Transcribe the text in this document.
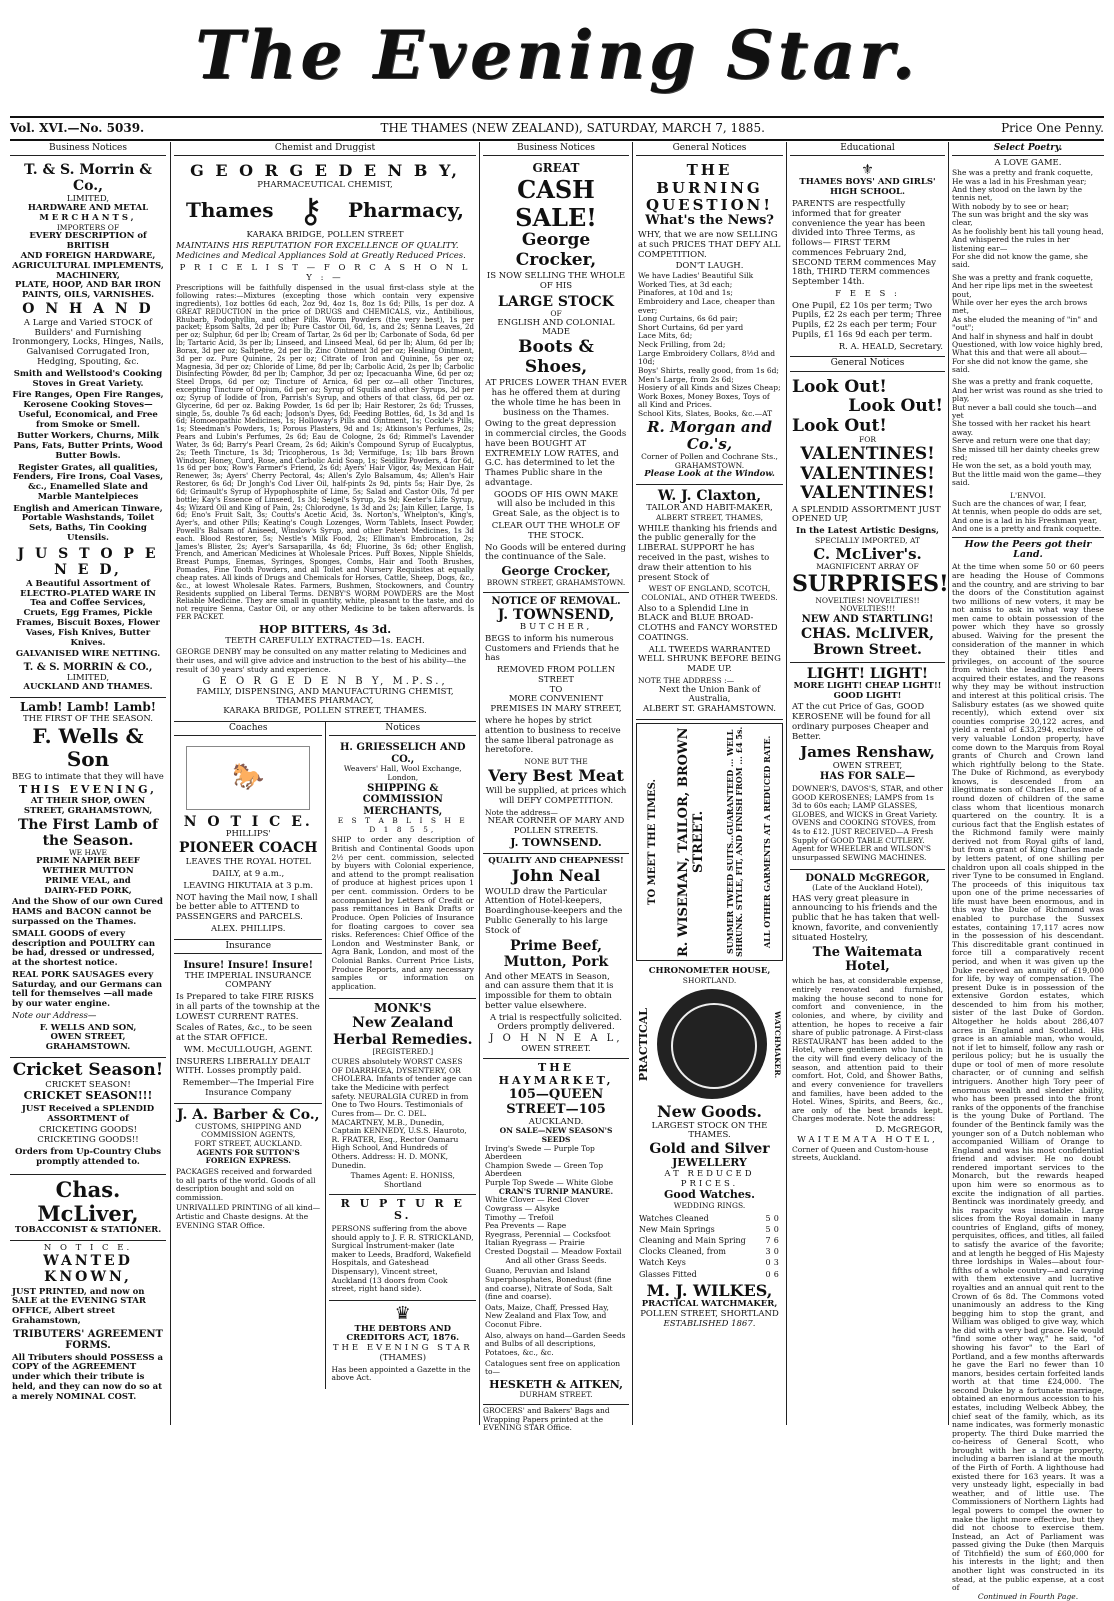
The Evening Star.
Vol. XVI.—No. 5039.	THE THAMES (NEW ZEALAND), SATURDAY, MARCH 7, 1885.	Price One Penny.
Business Notices
T. & S. Morrin & Co.,
LIMITED,
HARDWARE AND METAL
MERCHANTS,
IMPORTERS OF
EVERY DESCRIPTION of BRITISH
AND FOREIGN HARDWARE,
AGRICULTURAL IMPLEMENTS,
MACHINERY,
PLATE, HOOP, AND BAR IRON
PAINTS, OILS, VARNISHES.
O N H A N D
A Large and Varied STOCK of Builders' and Furnishing Ironmongery, Locks, Hinges, Nails, Galvanised Corrugated Iron, Hedging, Spouting, &c.
Smith and Wellstood's Cooking Stoves in Great Variety.
Fire Ranges, Open Fire Ranges, Kerosene Cooking Stoves—Useful, Economical, and Free from Smoke or Smell.
Butter Workers, Churns, Milk Pans, Fats, Butter Prints, Wood Butter Bowls.
Register Grates, all qualities, Fenders, Fire Irons, Coal Vases, &c., Enamelled Slate and Marble Mantelpieces
English and American Tinware, Portable Washstands, Toilet Sets, Baths, Tin Cooking Utensils.
J U S T O P E N E D,
A Beautiful Assortment of ELECTRO-PLATED WARE IN Tea and Coffee Services, Cruets, Egg Frames, Pickle Frames, Biscuit Boxes, Flower Vases, Fish Knives, Butter Knives.
GALVANISED WIRE NETTING.
T. & S. MORRIN & CO.,
LIMITED,
AUCKLAND AND THAMES.
Lamb! Lamb! Lamb!
THE FIRST OF THE SEASON.
F. Wells & Son
BEG to intimate that they will have
THIS EVENING,
AT THEIR SHOP, OWEN STREET, GRAHAMSTOWN,
The First Lamb of the Season.
WE HAVE
PRIME NAPIER BEEF
WETHER MUTTON
PRIME VEAL, and
DAIRY-FED PORK,
And the Show of our own Cured HAMS and BACON cannot be surpassed on the Thames.
SMALL GOODS of every description and POULTRY can be had, dressed or undressed, at the shortest notice.
REAL PORK SAUSAGES every Saturday, and our Germans can tell for themselves —all made by our water engine.
Note our Address—
F. WELLS AND SON,
OWEN STREET,
GRAHAMSTOWN.
Cricket Season!
CRICKET SEASON!
CRICKET SEASON!!!
JUST Received a SPLENDID ASSORTMENT of
CRICKETING GOODS!
CRICKETING GOODS!!
Orders from Up-Country Clubs promptly attended to.
Chas. McLiver,
TOBACCONIST & STATIONER.
N O T I C E.
WANTED KNOWN,
JUST PRINTED, and now on SALE at the EVENING STAR OFFICE, Albert street Grahamstown,
TRIBUTERS' AGREEMENT FORMS.
All Tributers should POSSESS a COPY of the AGREEMENT under which their tribute is held, and they can now do so at a merely NOMINAL COST.
Chemist and Druggist
G E O R G E D E N B Y,
PHARMACEUTICAL CHEMIST,
Thames ⚷ Pharmacy,
KARAKA BRIDGE, POLLEN STREET
MAINTAINS HIS REPUTATION FOR EXCELLENCE OF QUALITY. Medicines and Medical Appliances Sold at Greatly Reduced Prices.
P R I C E L I S T — F O R C A S H O N L Y : —
Prescriptions will be faithfully dispensed in the usual first-class style at the following rates:—Mixtures (excepting those which contain very expensive ingredients), 1oz bottles 6d each, 2oz 9d, 4oz 1s, 8oz 1s 6d; Pills, 1s per doz. A GREAT REDUCTION in the price of DRUGS and CHEMICALS, viz., Antibilious, Rhubarb, Podophyllin, and other Pills. Worm Powders (the very best), 1s per packet; Epsom Salts, 2d per lb; Pure Castor Oil, 6d, 1s, and 2s; Senna Leaves, 2d per oz; Sulphur, 6d per lb; Cream of Tartar, 2s 6d per lb; Carbonate of Soda, 6d per lb; Tartaric Acid, 3s per lb; Linseed, and Linseed Meal, 6d per lb; Alum, 6d per lb; Borax, 3d per oz; Saltpetre, 2d per lb; Zinc Ointment 3d per oz; Healing Ointment, 3d per oz. Pure Quinine, 2s per oz; Citrate of Iron and Quinine, 5s per oz; Magnesia, 3d per oz; Chloride of Lime, 8d per lb; Carbolic Acid, 2s per lb; Carbolic Disinfecting Powder, 8d per lb; Camphor, 3d per oz; Ipecacuanha Wine, 6d per oz; Steel Drops, 6d per oz; Tincture of Arnica, 6d per oz—all other Tinctures, excepting Tincture of Opium, 6d per oz; Syrup of Squills and other Syrups, 3d per oz; Syrup of Iodide of Iron, Parrish's Syrup, and others of that class, 6d per oz. Glycerine, 6d per oz. Baking Powder, 1s 6d per lb; Hair Restorer, 2s 6d; Trusses, single, 5s, double 7s 6d each; Jodson's Dyes, 6d; Feeding Bottles, 6d, 1s 3d and 1s 6d; Homoeopathic Medicines, 1s; Holloway's Pills and Ointment, 1s; Cockle's Pills, 1s; Steedman's Powders, 1s; Porous Plasters, 9d and 1s; Atkinson's Perfumes, 2s; Pears and Lubin's Perfumes, 2s 6d; Eau de Cologne, 2s 6d; Rimmel's Lavender Water, 3s 6d; Barry's Pearl Cream, 2s 6d; Aikin's Compound Syrup of Eucalyptus, 2s; Teeth Tincture, 1s 3d; Tricopherous, 1s 3d; Vermifuge, 1s; 1lb bars Brown Windsor, Honey, Curd, Rose, and Carbolic Acid Soap, 1s; Seidlitz Powders, 4 for 6d, 1s 6d per box; Row's Farmer's Friend, 2s 6d; Ayers' Hair Vigor, 4s; Mexican Hair Renewer, 3s; Ayers' Cherry Pectoral, 4s; Allen's Zylo Balsamum, 4s; Allen's Hair Restorer, 6s 6d; Dr Jongh's Cod Liver Oil, half-pints 2s 9d, pints 5s; Hair Dye, 2s 6d; Grimault's Syrup of Hypophosphite of Lime, 5s; Salad and Castor Oils, 7d per bottle; Kay's Essence of Linseed, 1s 3d; Seigel's Syrup, 2s 9d; Keeter's Life Syrup, 4s; Wizard Oil and King of Pain, 2s; Chlorodyne, 1s 3d and 2s; Jain Killer, Large, 1s 6d; Eno's Fruit Salt, 3s; Coutts's Acetic Acid, 3s. Norton's, Whelpton's, King's, Ayer's, and other Pills; Keating's Cough Lozenges, Worm Tablets, Insect Powder, Powell's Balsam of Aniseed, Winslow's Syrup, and other Patent Medicines, 1s 3d each. Blood Restorer, 5s; Nestle's Milk Food, 2s; Elliman's Embrocation, 2s; James's Blister, 2s; Ayer's Sarsaparilla, 4s 6d; Fluorine, 3s 6d; other English, French, and American Medicines at Wholesale Prices. Puff Boxes, Nipple Shields, Breast Pumps, Enemas, Syringes, Sponges, Combs, Hair and Tooth Brushes, Pomades, Fine Tooth Powders, and all Toilet and Nursery Requisites at equally cheap rates. All kinds of Drugs and Chemicals for Horses, Cattle, Sheep, Dogs, &c., &c., at lowest Wholesale Rates. Farmers, Bushmen, Stockowners, and Country Residents supplied on Liberal Terms. DENBY'S WORM POWDERS are the Most Reliable Medicine. They are small in quantity, white, pleasant to the taste, and do not require Senna, Castor Oil, or any other Medicine to be taken afterwards. Is FER PACKET.
HOP BITTERS, 4s 3d.
TEETH CAREFULLY EXTRACTED—1s. EACH.
GEORGE DENBY may be consulted on any matter relating to Medicines and their uses, and will give advice and instruction to the best of his ability—the result of 30 years' study and experience.
G E O R G E D E N B Y, M.P.S.,
FAMILY, DISPENSING, AND MANUFACTURING CHEMIST,
THAMES PHARMACY,
KARAKA BRIDGE, POLLEN STREET, THAMES.
Coaches
🐎
N O T I C E.
PHILLIPS'
PIONEER COACH
LEAVES THE ROYAL HOTEL
DAILY, at 9 a.m.,
LEAVING HIKUTAIA at 3 p.m.
NOT having the Mail now, I shall be better able to ATTEND to PASSENGERS and PARCELS.
ALEX. PHILLIPS.
Insurance
Insure! Insure! Insure!
THE IMPERIAL INSURANCE COMPANY
Is Prepared to take FIRE RISKS in all parts of the township at the LOWEST CURRENT RATES.
Scales of Rates, &c., to be seen at the STAR OFFICE.
WM. McCULLOUGH, AGENT.
INSURERS LIBERALLY DEALT WITH. Losses promptly paid.
Remember—The Imperial Fire Insurance Company
J. A. Barber & Co.,
CUSTOMS, SHIPPING AND COMMISSION AGENTS,
FORT STREET, AUCKLAND.
AGENTS FOR SUTTON'S FOREIGN EXPRESS.
PACKAGES received and forwarded to all parts of the world. Goods of all description bought and sold on commission.
UNRIVALLED PRINTING of all kind—Artistic and Chaste designs. At the EVENING STAR Office.
Notices
H. GRIESSELICH AND CO.,
Weavers' Hall, Wool Exchange, London,
SHIPPING & COMMISSION MERCHANTS,
E S T A B L I S H E D 1 8 5 5,
SHIP to order any description of British and Continental Goods upon 2½ per cent. commission, selected by buyers with Colonial experience, and attend to the prompt realisation of produce at highest prices upon 1 per cent. commission. Orders to be accompanied by Letters of Credit or pass remittances in Bank Drafts or Produce. Open Policies of Insurance for floating cargoes to cover sea risks. References: Chief Office of the London and Westminster Bank, or Agra Bank, London, and most of the Colonial Banks. Current Price Lists, Produce Reports, and any necessary samples or information on application.
MONK'S
New Zealand
Herbal Remedies.
[REGISTERED.]
CURES absolutely WORST CASES OF DIARRHŒA, DYSENTERY, OR CHOLERA. Infants of tender age can take the Medicine with perfect safety. NEURALGIA CURED in from One to Two Hours. Testimonials of Cures from— Dr. C. DEL. MACARTNEY, M.B., Dunedin, Captain KENNEDY, U.S.S. Hauroto, R. FRATER, Esq., Rector Oamaru High School, And Hundreds of Others. Address: H. D. MONK, Dunedin.
Thames Agent: E. HONISS, Shortland
R U P T U R E S.
PERSONS suffering from the above should apply to J. F. R. STRICKLAND, Surgical Instrument-maker (late maker to Leeds, Bradford, Wakefield Hospitals, and Gateshead Dispensary), Vincent street, Auckland (13 doors from Cook street, right hand side).
♛
THE DEBTORS AND CREDITORS ACT, 1876.
THE EVENING STAR
(THAMES)
Has been appointed a Gazette in the above Act.
Business Notices
GREAT
CASH SALE!
George Crocker,
IS NOW SELLING THE WHOLE OF HIS
LARGE STOCK
OF
ENGLISH AND COLONIAL MADE
Boots & Shoes,
AT PRICES LOWER THAN EVER has he offered them at during the whole time he has been in business on the Thames.
Owing to the great depression in commercial circles, the Goods have been BOUGHT AT EXTREMELY LOW RATES, and G.C. has determined to let the Thames Public share in the advantage.
GOODS OF HIS OWN MAKE will also be included in this Great Sale, as the object is to
CLEAR OUT THE WHOLE OF THE STOCK.
No Goods will be entered during the continuance of the Sale.
George Crocker,
BROWN STREET, GRAHAMSTOWN.
NOTICE OF REMOVAL.
J. TOWNSEND,
BUTCHER,
BEGS to inform his numerous Customers and Friends that he has
REMOVED FROM POLLEN STREET
TO
MORE CONVENIENT PREMISES IN MARY STREET,
where he hopes by strict attention to business to receive the same liberal patronage as heretofore.
NONE BUT THE
Very Best Meat
Will be supplied, at prices which will DEFY COMPETITION.
Note the address—
NEAR CORNER OF MARY AND POLLEN STREETS.
J. TOWNSEND.
QUALITY AND CHEAPNESS!
John Neal
WOULD draw the Particular Attention of Hotel-keepers, Boardinghouse-keepers and the Public Generally to his large Stock of
Prime Beef, Mutton, Pork
And other MEATS in Season, and can assure them that it is impossible for them to obtain better value elsewhere.
A trial is respectfully solicited.
Orders promptly delivered.
J O H N N E A L,
OWEN STREET.
THE HAYMARKET,
105—QUEEN STREET—105
AUCKLAND.
ON SALE—NEW SEASON'S SEEDS
Irving's Swede — Purple Top Aberdeen
Champion Swede — Green Top Aberdeen
Purple Top Swede — White Globe
CRAN'S TURNIP MANURE.
White Clover — Red Clover
Cowgrass — Alsyke
Timothy — Trefoil
Pea Prevents — Rape
Ryegrass, Perennial — Cocksfoot
Italian Ryegrass — Prairie
Crested Dogstail — Meadow Foxtail
And all other Grass Seeds.
Guano, Peruvian and Island Superphosphates, Bonedust (fine and coarse), Nitrate of Soda, Salt (fine and coarse).
Oats, Maize, Chaff, Pressed Hay, New Zealand and Flax Tow, and Coconut Fibre.
Also, always on hand—Garden Seeds and Bulbs of all descriptions, Potatoes, &c., &c.
Catalogues sent free on application to—
HESKETH & AITKEN,
DURHAM STREET.
GROCERS' and Bakers' Bags and Wrapping Papers printed at the EVENING STAR Office.
General Notices
THE BURNING QUESTION!
What's the News?
WHY, that we are now SELLING at such PRICES THAT DEFY ALL COMPETITION.
DON'T LAUGH.
We have Ladies' Beautiful Silk Worked Ties, at 3d each;
Pinafores, at 10d and 1s;
Embroidery and Lace, cheaper than ever;
Long Curtains, 6s 6d pair;
Short Curtains, 6d per yard
Lace Mits, 6d;
Neck Frilling, from 2d;
Large Embroidery Collars, 8½d and 10d;
Boys' Shirts, really good, from 1s 6d;
Men's Large, from 2s 6d;
Hosiery of all Kinds and Sizes Cheap;
Work Boxes, Money Boxes, Toys of all Kind and Prices.
School Kits, Slates, Books, &c.—AT
R. Morgan and Co.'s,
Corner of Pollen and Cochrane Sts., GRAHAMSTOWN.
Please Look at the Window.
W. J. Claxton,
TAILOR AND HABIT-MAKER,
ALBERT STREET, THAMES,
WHILE thanking his friends and the public generally for the LIBERAL SUPPORT he has received in the past, wishes to draw their attention to his present Stock of
WEST OF ENGLAND, SCOTCH, COLONIAL, AND OTHER TWEEDS.
Also to a Splendid Line in BLACK and BLUE BROAD-CLOTHS and FANCY WORSTED COATINGS.
ALL TWEEDS WARRANTED WELL SHRUNK BEFORE BEING MADE UP.
NOTE THE ADDRESS :—
Next the Union Bank of Australia,
ALBERT ST. GRAHAMSTOWN.
TO MEET THE TIMES. R. WISEMAN, TAILOR, BROWN STREET. SUMMER TWEED SUITS...GUARANTEED ... WELL SHRUNK. STYLE, FIT, AND FINISH FROM ... £4 5s. ALL OTHER GARMENTS AT A REDUCED RATE.
CHRONOMETER HOUSE,
SHORTLAND.
PRACTICAL	WATCHMAKER.
New Goods.
LARGEST STOCK ON THE THAMES.
Gold and Silver
JEWELLERY
AT REDUCED PRICES.
Good Watches.
WEDDING RINGS.
Watches Cleaned	5	0
New Main Springs	5	0
Cleaning and Main Spring	7	6
Clocks Cleaned, from	3	0
Watch Keys	0	3
Glasses Fitted	0	6
M. J. WILKES,
PRACTICAL WATCHMAKER,
POLLEN STREET, SHORTLAND
ESTABLISHED 1867.
Educational
⚜
THAMES BOYS' AND GIRLS' HIGH SCHOOL.
PARENTS are respectfully informed that for greater convenience the year has been divided into Three Terms, as follows— FIRST TERM commences February 2nd, SECOND TERM commences May 18th, THIRD TERM commences September 14th.
F E E S :
One Pupil, £2 10s per term; Two Pupils, £2 2s each per term; Three Pupils, £2 2s each per term; Four Pupils, £1 16s 9d each per term.
R. A. HEALD, Secretary.
General Notices
Look Out!
Look Out!
Look Out!
FOR
VALENTINES!
VALENTINES!
VALENTINES!
A SPLENDID ASSORTMENT JUST OPENED UP,
In the Latest Artistic Designs,
SPECIALLY IMPORTED, AT
C. McLiver's.
MAGNIFICENT ARRAY OF
SURPRISES!
NOVELTIES! NOVELTIES!!
NOVELTIES!!!
NEW AND STARTLING!
CHAS. McLIVER,
Brown Street.
LIGHT! LIGHT!
MORE LIGHT! CHEAP LIGHT!! GOOD LIGHT!
AT the cut Price of Gas, GOOD KEROSENE will be found for all ordinary purposes Cheaper and Better.
James Renshaw,
OWEN STREET,
HAS FOR SALE—
DOWNER'S, DAVOS'S, STAR, and other GOOD KEROSENES; LAMPS from 1s 3d to 60s each; LAMP GLASSES, GLOBES, and WICKS in Great Variety. OVENS and COOKING STOVES, from 4s to £12. JUST RECEIVED—A Fresh Supply of GOOD TABLE CUTLERY. Agent for WHEELER and WILSON'S unsurpassed SEWING MACHINES.
DONALD McGREGOR,
(Late of the Auckland Hotel),
HAS very great pleasure in announcing to his friends and the public that he has taken that well-known, favorite, and conveniently situated Hostelry,
The Waitemata Hotel,
which he has, at considerable expense, entirely renovated and furnished, making the house second to none for comfort and convenience, in the colonies, and where, by civility and attention, he hopes to receive a fair share of public patronage. A First-class RESTAURANT has been added to the Hotel, where gentlemen who lunch in the city will find every delicacy of the season, and attention paid to their comfort. Hot, Cold, and Shower Baths, and every convenience for travellers and families, have been added to the Hotel. Wines, Spirits, and Beers, &c., are only of the best brands kept. Charges moderate. Note the address:
D. McGREGOR,
WAITEMATA HOTEL,
Corner of Queen and Custom-house streets, Auckland.
Select Poetry.
A LOVE GAME.
She was a pretty and frank coquette,
He was a lad in his Freshman year;
And they stood on the lawn by the tennis net,
With nobody by to see or hear;
The sun was bright and the sky was clear,
As he foolishly bent his tall young head,
And whispered the rules in her listening ear—
For she did not know the game, she said.
She was a pretty and frank coquette,
And her ripe lips met in the sweetest pout,
While over her eyes the arch brows met,
As she eluded the meaning of "in" and "out";
And half in shyness and half in doubt
Questioned, with low voice highly bred,
What this and that were all about—
For she did not know the game, she said.
She was a pretty and frank coquette,
And her wrist was round as she tried to play,
But never a ball could she touch—and yet
She tossed with her racket his heart away.
Serve and return were one that day;
She missed till her dainty cheeks grew red;
He won the set, as a bold youth may,
But the little maid won the game—they said.
L'ENVOI.
Such are the chances of war, I fear,
At tennis, when people do odds are set,
And one is a lad in his Freshman year,
And one is a pretty and frank coquette.
How the Peers got their Land.
At the time when some 50 or 60 peers are heading the House of Commons and the country, and are striving to bar the doors of the Constitution against two millions of new voters, it may be not amiss to ask in what way these men came to obtain possession of the power which they have so grossly abused. Waiving for the present the consideration of the manner in which they obtained their titles and privileges, on account of the source from which the leading Tory Peers acquired their estates, and the reasons why they may be without instruction and interest at this political crisis. The Salisbury estates (as we showed quite recently), which extend over six counties comprise 20,122 acres, and yield a rental of £33,294, exclusive of very valuable London property, have come down to the Marquis from Royal grants of Church and Crown land which rightfully belong to the State. The Duke of Richmond, as everybody knows, is descended from an illegitimate son of Charles II., one of a round dozen of children of the same class whom that licentious monarch quartered on the country. It is a curious fact that the English estates of the Richmond family were mainly derived not from Royal gifts of land, but from a grant of King Charles made by letters patent, of one shilling per chaldron upon all coals shipped in the river Tyne to be consumed in England. The proceeds of this iniquitous tax upon one of the prime necessaries of life must have been enormous, and in this way the Duke of Richmond was enabled to purchase the Sussex estates, containing 17,117 acres now in the possession of his descendant. This discreditable grant continued in force till a comparatively recent period, and when it was given up the Duke received an annuity of £19,000 for life, by way of compensation. The present Duke is in possession of the extensive Gordon estates, which descended to him from his mother, sister of the last Duke of Gordon. Altogether he holds about 286,407 acres in England and Scotland. His grace is an amiable man, who would, not if let to himself, follow any rash or perilous policy; but he is usually the dupe or tool of men of more resolute character, or of cunning and selfish intriguers. Another high Tory peer of enormous wealth and slender ability, who has been pressed into the front ranks of the opponents of the franchise is the young Duke of Portland. The founder of the Bentinck family was the younger son of a Dutch nobleman who accompanied William of Orange to England and was his most confidential friend and adviser. He no doubt rendered important services to the Monarch, but the rewards heaped upon him were so enormous as to excite the indignation of all parties. Bentinck was inordinately greedy, and his rapacity was insatiable. Large slices from the Royal domain in many countries of England, gifts of money, perquisites, offices, and titles, all failed to satisfy the avarice of the favorite; and at length he begged of His Majesty three lordships in Wales—about four-fifths of a whole country—and carrying with them extensive and lucrative royalties and an annual quit rent to the Crown of 6s 8d. The Commons voted unanimously an address to the King begging him to stop the grant, and William was obliged to give way, which he did with a very bad grace. He would "find some other way," he said, "of showing his favor" to the Earl of Portland, and a few months afterwards he gave the Earl no fewer than 10 manors, besides certain forfeited lands worth at that time £24,000. The second Duke by a fortunate marriage, obtained an enormous accession to his estates, including Welbeck Abbey, the chief seat of the family, which, as its name indicates, was formerly monastic property. The third Duke married the co-heiress of General Scott, who brought with her a large property, including a barren island at the mouth of the Firth of Forth. A lighthouse had existed there for 163 years. It was a very unsteady light, especially in bad weather, and of little use. The Commissioners of Northern Lights had legal powers to compel the owner to make the light more effective, but they did not choose to exercise them. Instead, an Act of Parliament was passed giving the Duke (then Marquis of Titchfield) the sum of £60,000 for his interests in the light; and then another light was constructed in its stead, at the public expense, at a cost of
Continued in Fourth Page.
